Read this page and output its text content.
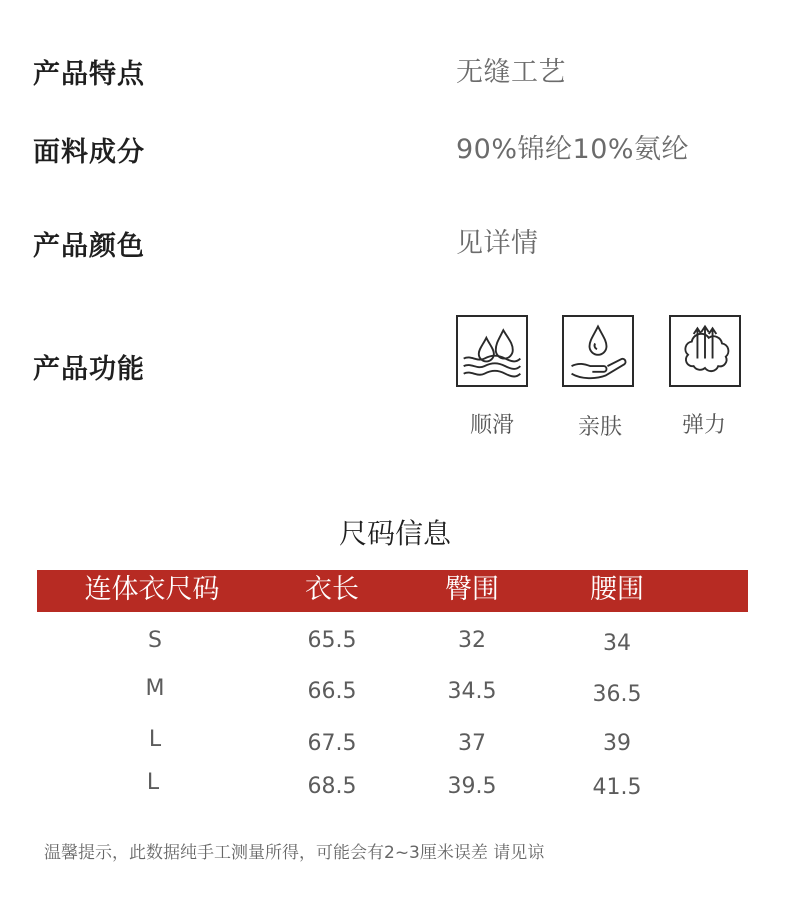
产品特点	无缝工艺
面料成分	90%锦纶10%氨纶
产品颜色	见详情
产品功能
顺滑	亲肤	弹力
尺码信息
连体衣尺码	衣长	臀围	腰围
S	65.5	32	34
M	66.5	34.5	36.5
L	67.5	37	39
L	68.5	39.5	41.5
温馨提示，此数据纯手工测量所得，可能会有2~3厘米误差 请见谅
